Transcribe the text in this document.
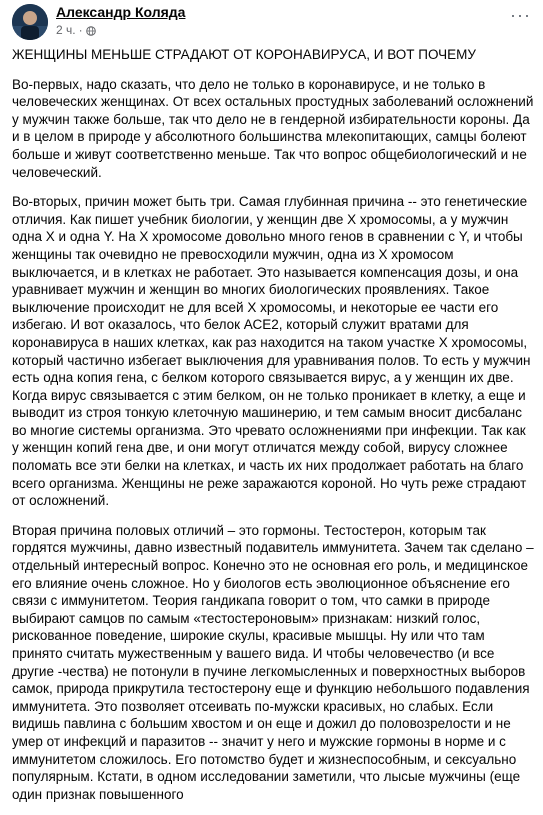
Александр Коляда
2 ч. ·
···

ЖЕНЩИНЫ МЕНЬШЕ СТРАДАЮТ ОТ КОРОНАВИРУСА, И ВОТ ПОЧЕМУ

Во-первых, надо сказать, что дело не только в коронавирусе, и не только в человеческих женщинах. От всех остальных простудных заболеваний осложнений у мужчин также больше, так что дело не в гендерной избирательности короны. Да и в целом в природе у абсолютного большинства млекопитающих, самцы болеют больше и живут соответственно меньше. Так что вопрос общебиологический и не человеческий.

Во-вторых, причин может быть три. Самая глубинная причина -- это генетические отличия. Как пишет учебник биологии, у женщин две Х хромосомы, а у мужчин одна Х и одна Y. На Х хромосоме довольно много генов в сравнении с Y, и чтобы женщины так очевидно не превосходили мужчин, одна из Х хромосом выключается, и в клетках не работает. Это называется компенсация дозы, и она уравнивает мужчин и женщин во многих биологических проявлениях. Такое выключение происходит не для всей Х хромосомы, и некоторые ее части его избегаю. И вот оказалось, что белок АСЕ2, который служит вратами для коронавируса в наших клетках, как раз находится на таком участке Х хромосомы, который частично избегает выключения для уравнивания полов. То есть у мужчин есть одна копия гена, с белком которого связывается вирус, а у женщин их две. Когда вирус связывается с этим белком, он не только проникает в клетку, а еще и выводит из строя тонкую клеточную машинерию, и тем самым вносит дисбаланс во многие системы организма. Это чревато осложнениями при инфекции. Так как у женщин копий гена две, и они могут отличатся между собой, вирусу сложнее поломать все эти белки на клетках, и часть их них продолжает работать на благо всего организма. Женщины не реже заражаются короной. Но чуть реже страдают от осложнений.

Вторая причина половых отличий – это гормоны. Тестостерон, которым так гордятся мужчины, давно известный подавитель иммунитета. Зачем так сделано – отдельный интересный вопрос. Конечно это не основная его роль, и медицинское его влияние очень сложное. Но у биологов есть эволюционное объяснение его связи с иммунитетом. Теория гандикапа говорит о том, что самки в природе выбирают самцов по самым «тестостероновым» признакам: низкий голос, рискованное поведение, широкие скулы, красивые мышцы. Ну или что там принято считать мужественным у вашего вида. И чтобы человечество (и все другие -чества) не потонули в пучине легкомысленных и поверхностных выборов самок, природа прикрутила тестостерону еще и функцию небольшого подавления иммунитета. Это позволяет отсеивать по-мужски красивых, но слабых. Если видишь павлина с большим хвостом и он еще и дожил до половозрелости и не умер от инфекций и паразитов -- значит у него и мужские гормоны в норме и с иммунитетом сложилось. Его потомство будет и жизнеспособным, и сексуально популярным. Кстати, в одном исследовании заметили, что лысые мужчины (еще один признак повышенного
